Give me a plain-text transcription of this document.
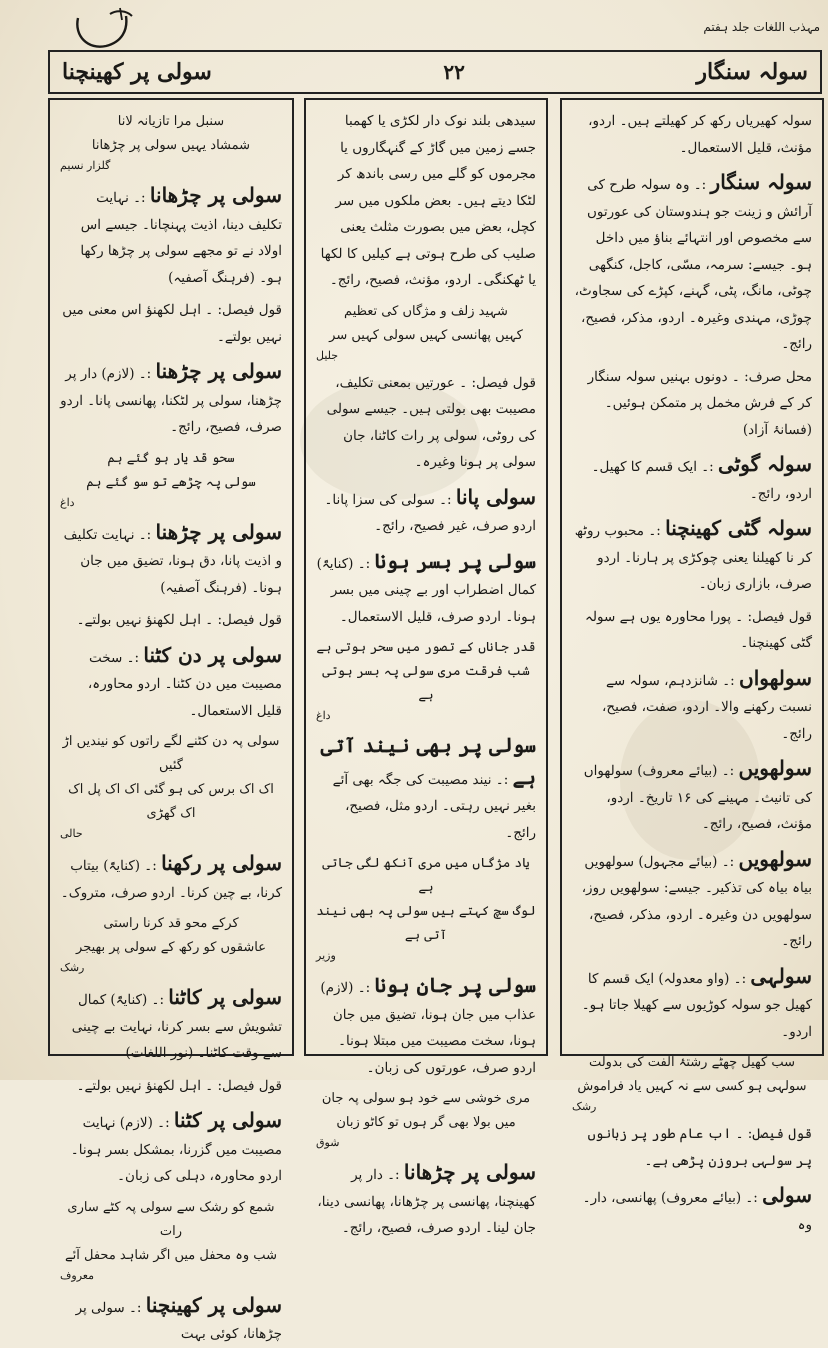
مہذب اللغات جلد ہفتم
سولی پر کھینچنا	۲۲	سولہ سنگار
سولہ کھیریاں رکھ کر کھیلتے ہیں۔ اردو، مؤنث، قلیل الاستعمال۔
سولہ سنگار :۔ وہ سولہ طرح کی آرائش و زینت جو ہندوستان کی عورتوں سے مخصوص اور انتہائے بناؤ میں داخل ہو۔ جیسے: سرمہ، مسّی، کاجل، کنگھی چوٹی، مانگ، پٹی، گہنے، کپڑے کی سجاوٹ، چوڑی، مہندی وغیرہ۔ اردو، مذکر، فصیح، رائج۔
محل صرف: ۔ دونوں بہنیں سولہ سنگار کر کے فرش مخمل پر متمکن ہوئیں۔ (فسانۂ آزاد)
سولہ گوٹی :۔ ایک قسم کا کھیل۔ اردو، رائج۔
سولہ گٹی کھینچنا :۔ محبوب روٹھ کر نا کھیلنا یعنی چوکڑی پر ہارنا۔ اردو صرف، بازاری زبان۔
قول فیصل: ۔ پورا محاورہ یوں ہے سولہ گٹی کھینچنا۔
سولھواں :۔ شانزدہم، سولہ سے نسبت رکھنے والا۔ اردو، صفت، فصیح، رائج۔
سولھویں :۔ (بیائے معروف) سولھواں کی تانیث۔ مہینے کی ۱۶ تاریخ۔ اردو، مؤنث، فصیح، رائج۔
سولھویں :۔ (بیائے مجہول) سولھویں بیاہ بیاہ کی تذکیر۔ جیسے: سولھویں روز، سولھویں دن وغیرہ۔ اردو، مذکر، فصیح، رائج۔
سولہی :۔ (واو معدولہ) ایک قسم کا کھیل جو سولہ کوڑیوں سے کھیلا جاتا ہو۔ اردو۔
سب کھیل چھٹے رشتۂ الفت کی بدولت
سولہی ہو کسی سے نہ کہیں یاد فراموش
رشک
قول فیصل: ۔ اب عام طور پر زبانوں پر سولہی بروزن پڑھی ہے۔
سولی :۔ (بیائے معروف) پھانسی، دار۔ وہ
سیدھی بلند نوک دار لکڑی یا کھمبا جسے زمین میں گاڑ کے گنہگاروں یا مجرموں کو گلے میں رسی باندھ کر لٹکا دیتے ہیں۔ بعض ملکوں میں سر کچل، بعض میں بصورت مثلث یعنی صلیب کی طرح ہوتی ہے کیلیں کا لکھا یا ٹھکنگی۔ اردو، مؤنث، فصیح، رائج۔
شہید زلف و مژگاں کی تعظیم
کہیں پھانسی کہیں سولی کہیں سر
جلیل
قول فیصل: ۔ عورتیں بمعنی تکلیف، مصیبت بھی بولتی ہیں۔ جیسے سولی کی روٹی، سولی پر رات کاٹنا، جان سولی پر ہونا وغیرہ۔
سولی پانا :۔ سولی کی سزا پانا۔ اردو صرف، غیر فصیح، رائج۔
سولی پر بسر ہونا :۔ (کنایۃً) کمال اضطراب اور بے چینی میں بسر ہونا۔ اردو صرف، قلیل الاستعمال۔
قدر جاناں کے تصور میں سحر ہوتی ہے
شب فرقت مری سولی پہ بسر ہوتی ہے
داغ
سولی پر بھی نیند آتی ہے :۔ نیند مصیبت کی جگہ بھی آئے بغیر نہیں رہتی۔ اردو مثل، فصیح، رائج۔
یاد مژگاں میں مری آنکھ لگی جاتی ہے
لوگ سچ کہتے ہیں سولی پہ بھی نیند آتی ہے
وزیر
سولی پر جان ہونا :۔ (لازم) عذاب میں جان ہونا، تضیق میں جان ہونا، سخت مصیبت میں مبتلا ہونا۔ اردو صرف، عورتوں کی زبان۔
مری خوشی سے خود ہو سولی پہ جان
میں بولا بھی گر ہوں تو کاٹو زبان
شوق
سولی پر چڑھانا :۔ دار پر کھینچنا، پھانسی پر چڑھانا، پھانسی دینا، جان لینا۔ اردو صرف، فصیح، رائج۔
سنبل مرا تازیانہ لانا
شمشاد یہیں سولی پر چڑھانا
گلزار نسیم
سولی پر چڑھانا :۔ نہایت تکلیف دینا، اذیت پہنچانا۔ جیسے اس اولاد نے تو مجھے سولی پر چڑھا رکھا ہو۔ (فرہنگ آصفیہ)
قول فیصل: ۔ اہل لکھنؤ اس معنی میں نہیں بولتے۔
سولی پر چڑھنا :۔ (لازم) دار پر چڑھنا، سولی پر لٹکنا، پھانسی پانا۔ اردو صرف، فصیح، رائج۔
سحو قد یار ہو گئے ہم
سولی پہ چڑھے تو سو گئے ہم
داغ
سولی پر چڑھنا :۔ نہایت تکلیف و اذیت پانا، دق ہونا، تضیق میں جان ہونا۔ (فرہنگ آصفیہ)
قول فیصل: ۔ اہل لکھنؤ نہیں بولتے۔
سولی پر دن کٹنا :۔ سخت مصیبت میں دن کٹنا۔ اردو محاورہ، قلیل الاستعمال۔
سولی پہ دن کٹنے لگے راتوں کو نیندیں اڑ گئیں
اک اک برس کی ہو گئی اک اک پل اک اک گھڑی
حالی
سولی پر رکھنا :۔ (کنایۃً) بیتاب کرنا، بے چین کرنا۔ اردو صرف، متروک۔
کرکے محو قد کرنا راستی
عاشقوں کو رکھ کے سولی پر بھیجر
رشک
سولی پر کاٹنا :۔ (کنایۃً) کمال تشویش سے بسر کرنا، نہایت بے چینی سے وقت کاٹنا۔ (نور اللغات)
قول فیصل: ۔ اہل لکھنؤ نہیں بولتے۔
سولی پر کٹنا :۔ (لازم) نہایت مصیبت میں گزرنا، بمشکل بسر ہونا۔ اردو محاورہ، دہلی کی زبان۔
شمع کو رشک سے سولی پہ کٹے ساری رات
شب وہ محفل میں اگر شاہد محفل آئے
معروف
سولی پر کھینچنا :۔ سولی پر چڑھانا، کوئی بہت
